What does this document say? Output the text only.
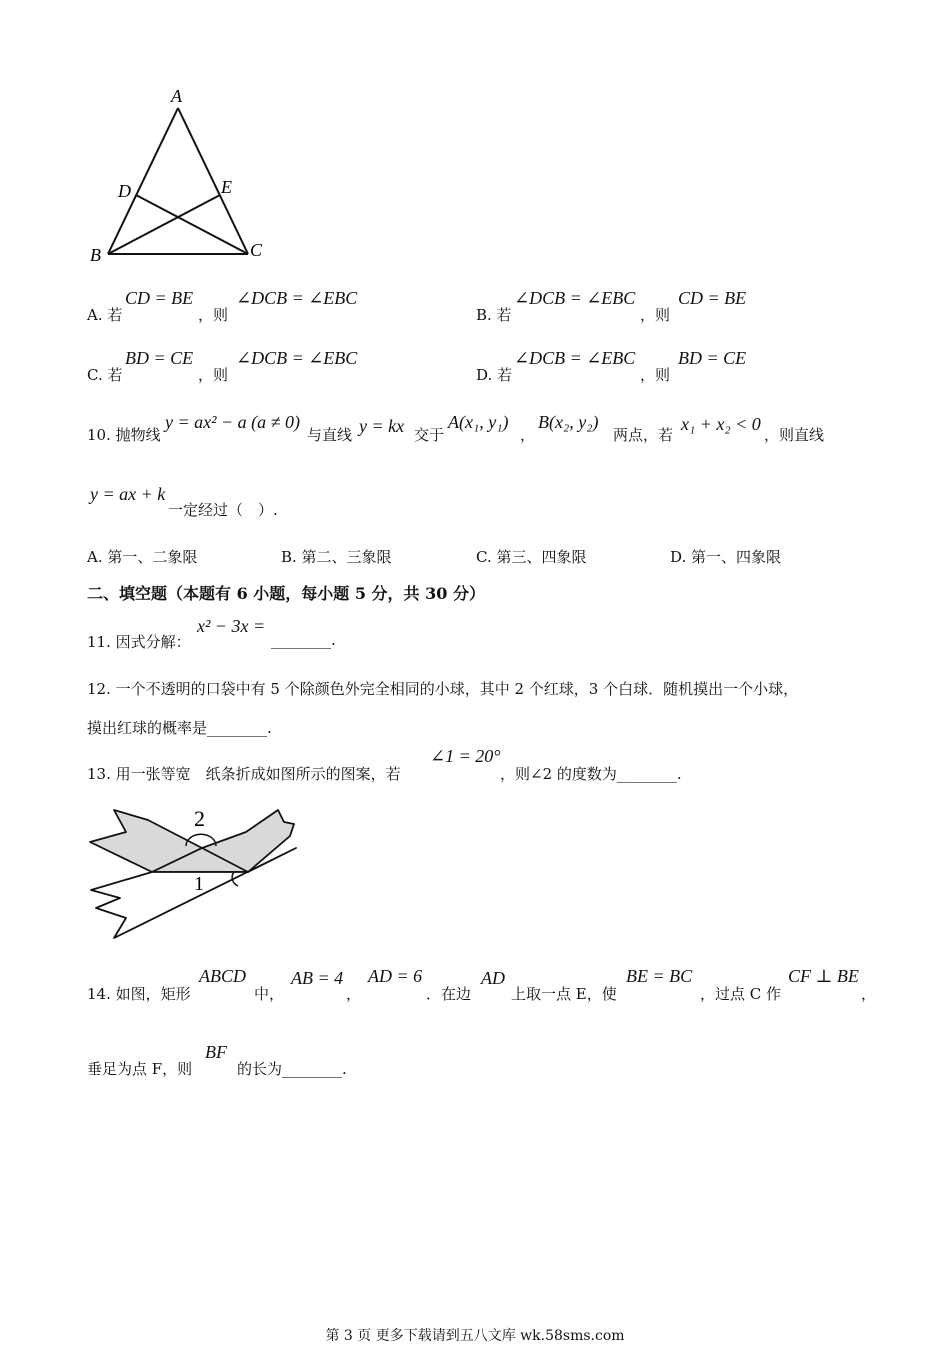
A
D	E
B	C
A. 若
CD = BE
，则
∠DCB = ∠EBC
B. 若
∠DCB = ∠EBC
，则
CD = BE
C. 若
BD = CE
，则
∠DCB = ∠EBC
D. 若
∠DCB = ∠EBC
，则
BD = CE
10. 抛物线
y = ax² − a (a ≠ 0)
与直线 y = kx 交于
A(x₁, y₁)
，
B(x₂, y₂)
两点，若
x₁ + x₂ < 0
，则直线
y = ax + k
一定经过（　）.
A. 第一、二象限	B. 第二、三象限	C. 第三、四象限	D. 第一、四象限
二、填空题（本题有 6 小题，每小题 5 分，共 30 分）
11. 因式分解：
x² − 3x =
________.
12. 一个不透明的口袋中有 5 个除颜色外完全相同的小球，其中 2 个红球，3 个白球．随机摸出一个小球，
摸出红球的概率是________.
13. 用一张等宽　纸条折成如图所示的图案，若
∠1 = 20°
，则∠2 的度数为________.
2
1
14. 如图，矩形
ABCD
中，
AB = 4
，
AD = 6
．在边
AD
上取一点 E，使
BE = BC
，过点 C 作
CF ⊥ BE
，
垂足为点 F，则
BF
的长为________.
第 3 页 更多下载请到五八文库 wk.58sms.com
